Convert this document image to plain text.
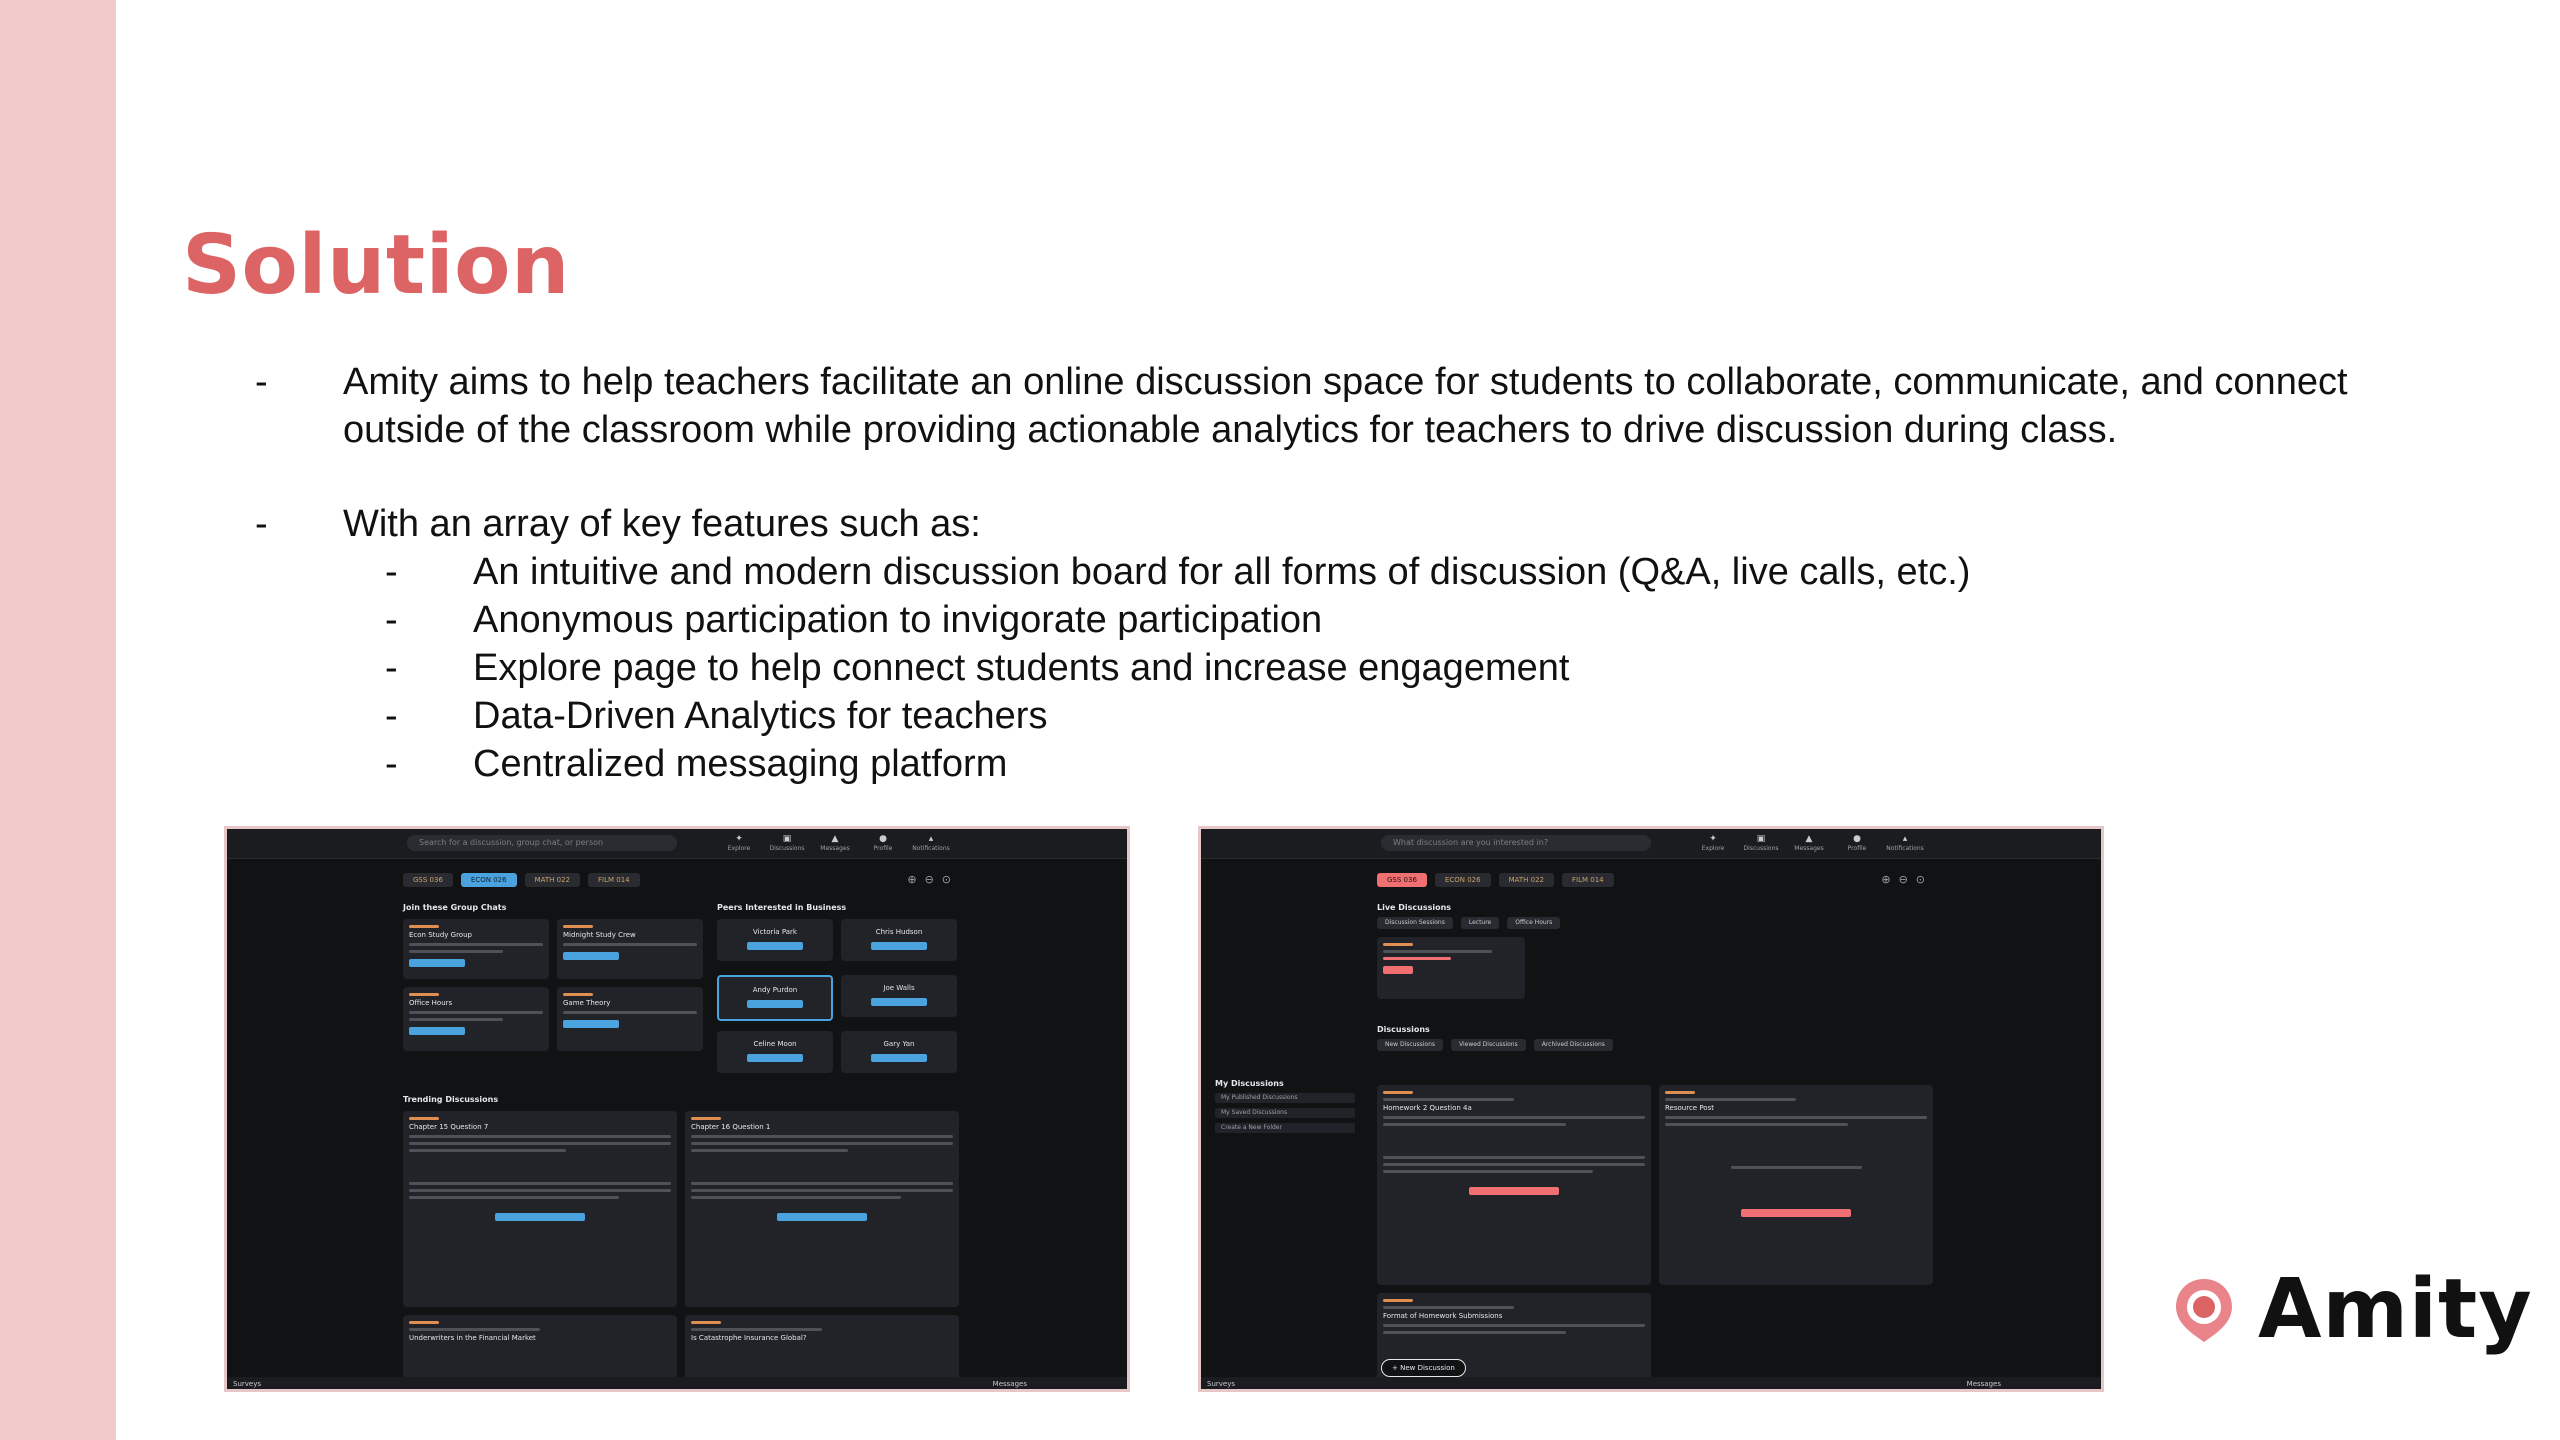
Solution
- Amity aims to help teachers facilitate an online discussion space for students to collaborate, communicate, and connect outside of the classroom while providing actionable analytics for teachers to drive discussion during class.
- With an array of key features such as:
- An intuitive and modern discussion board for all forms of discussion (Q&A, live calls, etc.)
- Anonymous participation to invigorate participation
- Explore page to help connect students and increase engagement
- Data-Driven Analytics for teachers
- Centralized messaging platform
Search for a discussion, group chat, or person	✦
Explore
▣
Discussions
▲
Messages
●
Profile
▴
Notifications
GSS 036	ECON 026	MATH 022	FILM 014	⊕ ⊖ ⊙
Join these Group Chats	Peers Interested in Business
Econ Study Group	Midnight Study Crew
Office Hours	Game Theory
Victoria Park	Chris Hudson
Andy Purdon	Joe Walls
Celine Moon	Gary Yan
Trending Discussions
Chapter 15 Question 7	Chapter 16 Question 1
Underwriters in the Financial Market	Is Catastrophe Insurance Global?
Surveys	Messages
What discussion are you interested in?	✦
Explore
▣
Discussions
▲
Messages
●
Profile
▴
Notifications
GSS 036	ECON 026	MATH 022	FILM 014	⊕ ⊖ ⊙
Live Discussions
Discussion Sessions	Lecture	Office Hours
Discussions
New Discussions	Viewed Discussions	Archived Discussions
My Discussions
My Published Discussions
My Saved Discussions
Create a New Folder
Homework 2 Question 4a	Resource Post
Format of Homework Submissions
+ New Discussion
Surveys	Messages
Amity
